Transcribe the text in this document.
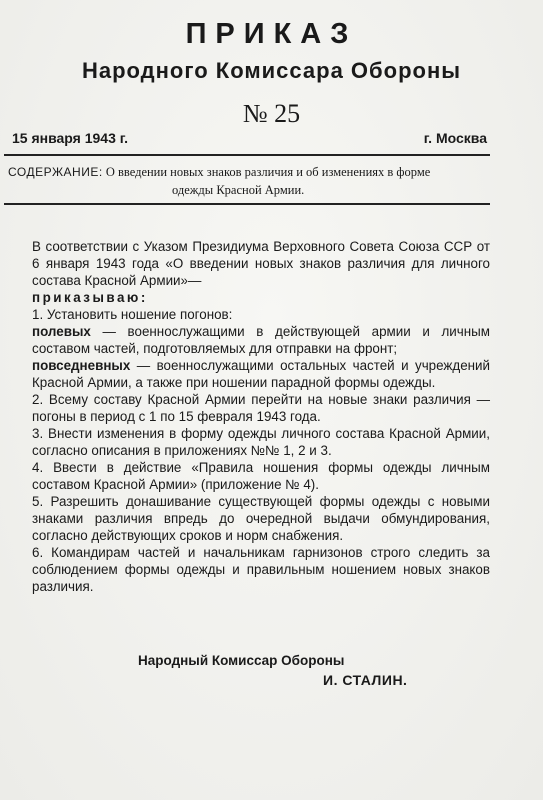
ПРИКАЗ
Народного Комиссара Обороны
№ 25
15 января 1943 г.	г. Москва
СОДЕРЖАНИЕ: О введении новых знаков различия и об изменениях в форме
одежды Красной Армии.

В соответствии с Указом Президиума Верховного Совета Союза ССР от 6 января 1943 года «О введении новых знаков различия для личного состава Красной Армии»—

приказываю:

1. Установить ношение погонов:

полевых — военнослужащими в действующей армии и личным составом частей, подготовляемых для отправки на фронт;

повседневных — военнослужащими остальных частей и учреждений Красной Армии, а также при ношении парадной формы одежды.

2. Всему составу Красной Армии перейти на новые знаки различия — погоны в период с 1 по 15 февраля 1943 года.

3. Внести изменения в форму одежды личного состава Красной Армии, согласно описания в приложениях №№ 1, 2 и 3.

4. Ввести в действие «Правила ношения формы одежды личным составом Красной Армии» (приложение № 4).

5. Разрешить донашивание существующей формы одежды с новыми знаками различия впредь до очередной выдачи обмундирования, согласно действующих сроков и норм снабжения.

6. Командирам частей и начальникам гарнизонов строго следить за соблюдением формы одежды и правильным ношением новых знаков различия.

Народный Комиссар Обороны
И. СТАЛИН.
